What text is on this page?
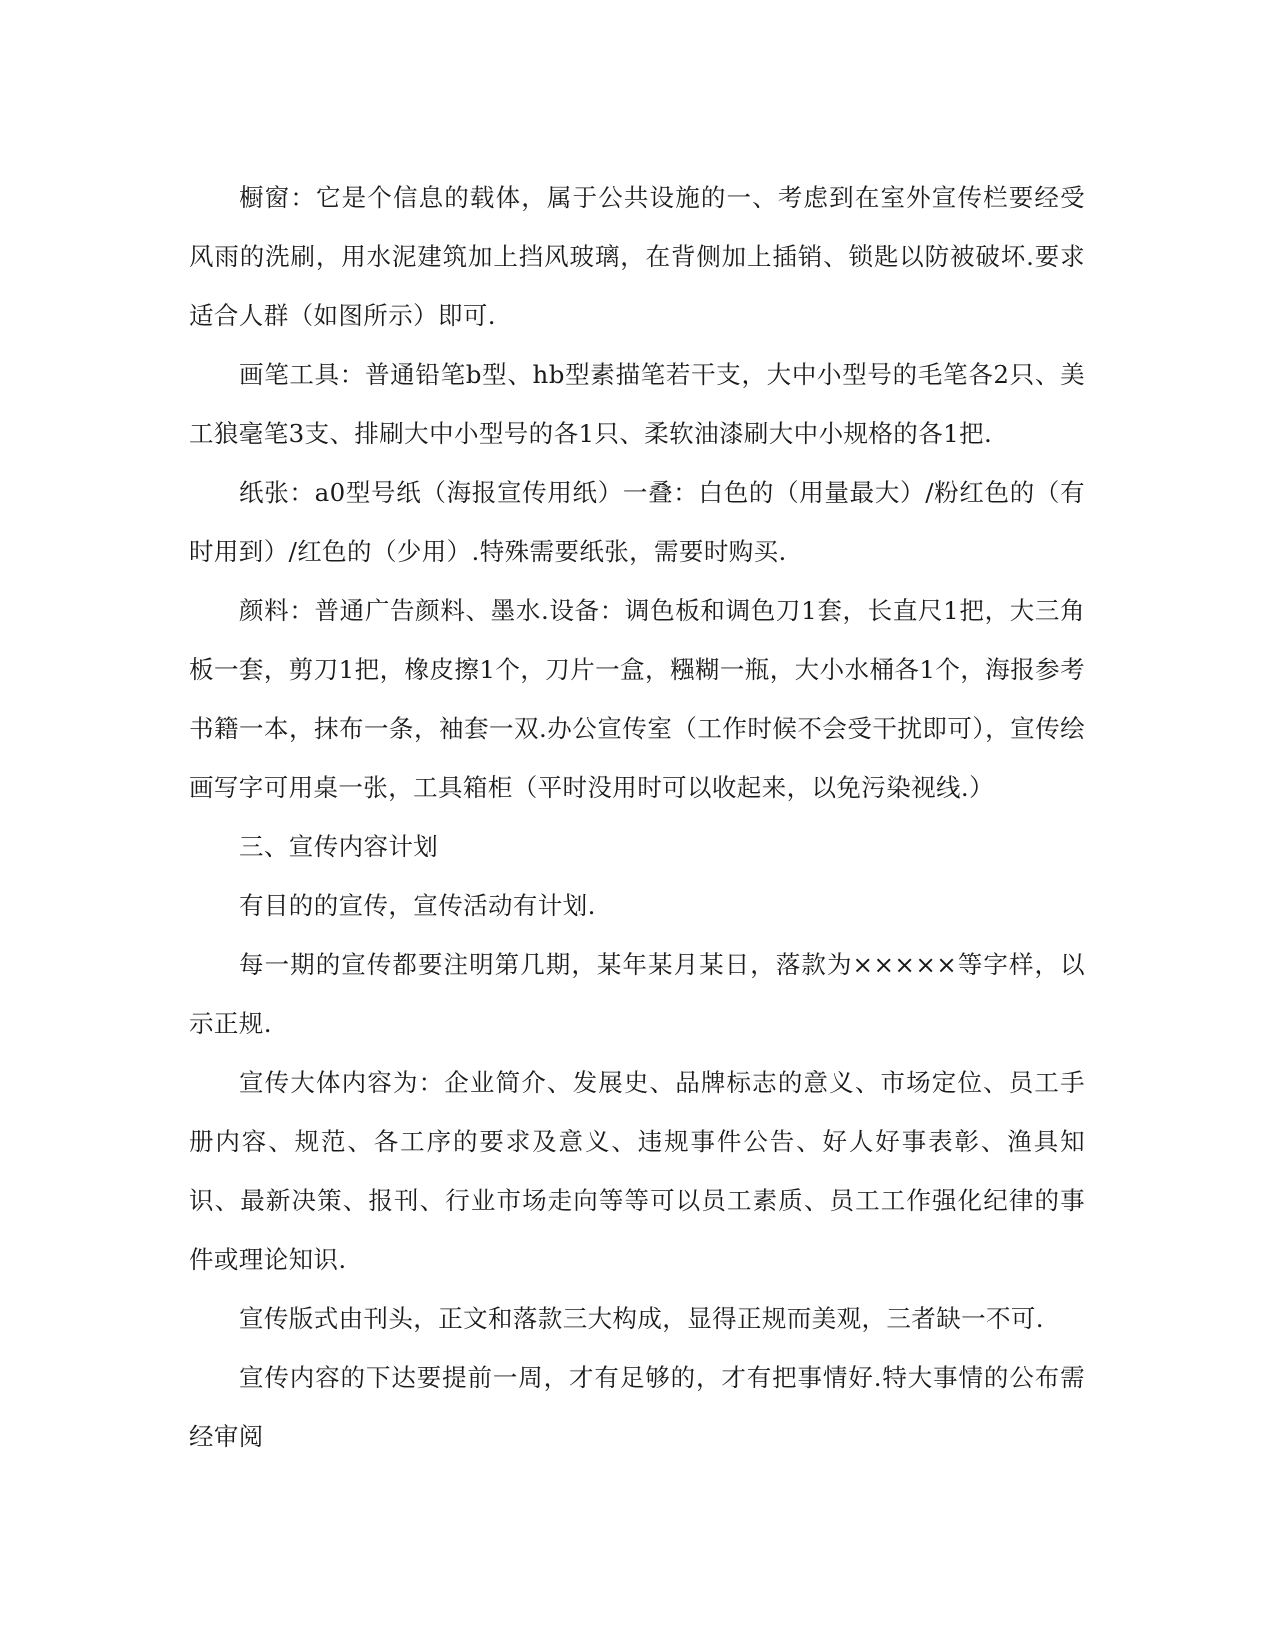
橱窗：它是个信息的载体，属于公共设施的一、考虑到在室外宣传栏要经受风雨的洗刷，用水泥建筑加上挡风玻璃，在背侧加上插销、锁匙以防被破坏.要求适合人群（如图所示）即可.

画笔工具：普通铅笔b型、hb型素描笔若干支，大中小型号的毛笔各2只、美工狼毫笔3支、排刷大中小型号的各1只、柔软油漆刷大中小规格的各1把.

纸张：a0型号纸（海报宣传用纸）一叠：白色的（用量最大）/粉红色的（有时用到）/红色的（少用）.特殊需要纸张，需要时购买.

颜料：普通广告颜料、墨水.设备：调色板和调色刀1套，长直尺1把，大三角板一套，剪刀1把，橡皮擦1个，刀片一盒，糨糊一瓶，大小水桶各1个，海报参考书籍一本，抹布一条，袖套一双.办公宣传室（工作时候不会受干扰即可），宣传绘画写字可用桌一张，工具箱柜（平时没用时可以收起来，以免污染视线.）

三、宣传内容计划

有目的的宣传，宣传活动有计划.

每一期的宣传都要注明第几期，某年某月某日，落款为×××××等字样，以示正规.

宣传大体内容为：企业简介、发展史、品牌标志的意义、市场定位、员工手册内容、规范、各工序的要求及意义、违规事件公告、好人好事表彰、渔具知识、最新决策、报刊、行业市场走向等等可以员工素质、员工工作强化纪律的事件或理论知识.

宣传版式由刊头，正文和落款三大构成，显得正规而美观，三者缺一不可.

宣传内容的下达要提前一周，才有足够的，才有把事情好.特大事情的公布需经审阅
